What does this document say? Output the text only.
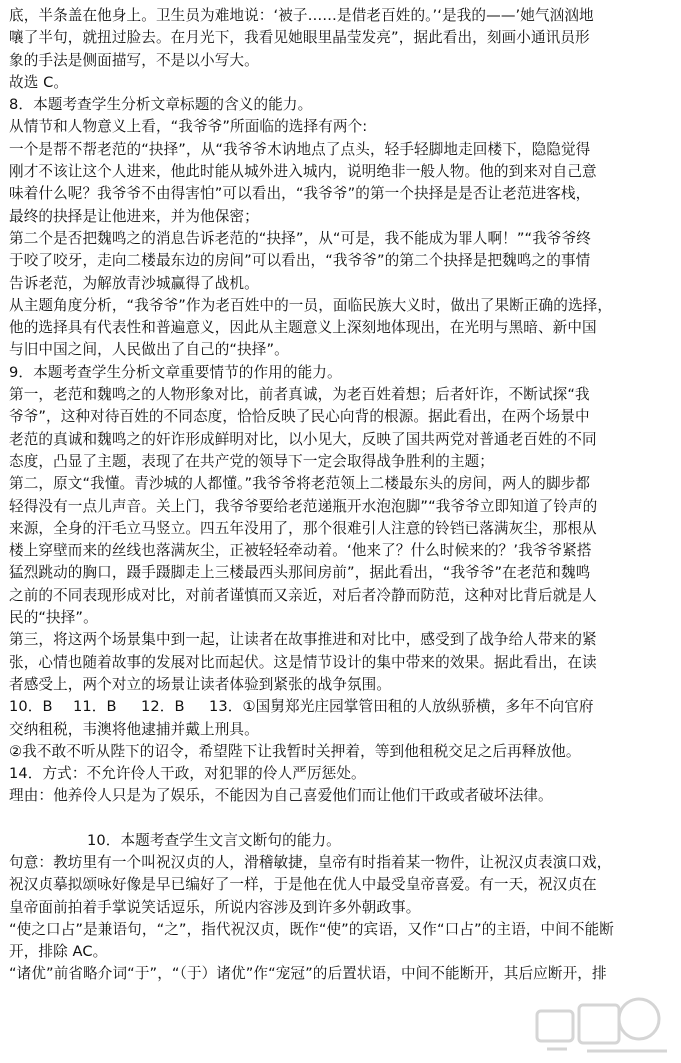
底，半条盖在他身上。卫生员为难地说：‘被子……是借老百姓的。’‘是我的——’她气汹汹地
嚷了半句，就扭过脸去。在月光下，我看见她眼里晶莹发亮”，据此看出，刻画小通讯员形
象的手法是侧面描写，不是以小写大。
故选 C。
8．本题考查学生分析文章标题的含义的能力。
从情节和人物意义上看，“我爷爷”所面临的选择有两个:
一个是帮不帮老范的“抉择”，从“我爷爷木讷地点了点头，轻手轻脚地走回楼下，隐隐觉得
刚才不该让这个人进来，他此时能从城外进入城内，说明绝非一般人物。他的到来对自己意
味着什么呢？我爷爷不由得害怕”可以看出，“我爷爷”的第一个抉择是是否让老范进客栈，
最终的抉择是让他进来，并为他保密；
第二个是否把魏鸣之的消息告诉老范的“抉择”，从“可是，我不能成为罪人啊！”“我爷爷终
于咬了咬牙，走向二楼最东边的房间”可以看出，“我爷爷”的第二个抉择是把魏鸣之的事情
告诉老范，为解放青沙城赢得了战机。
从主题角度分析，“我爷爷”作为老百姓中的一员，面临民族大义时，做出了果断正确的选择，
他的选择具有代表性和普遍意义，因此从主题意义上深刻地体现出，在光明与黑暗、新中国
与旧中国之间，人民做出了自己的“抉择”。
9．本题考查学生分析文章重要情节的作用的能力。
第一，老范和魏鸣之的人物形象对比，前者真诚，为老百姓着想；后者奸诈，不断试探“我
爷爷”，这种对待百姓的不同态度，恰恰反映了民心向背的根源。据此看出，在两个场景中
老范的真诚和魏鸣之的奸诈形成鲜明对比，以小见大，反映了国共两党对普通老百姓的不同
态度，凸显了主题，表现了在共产党的领导下一定会取得战争胜利的主题；
第二，原文“我懂。青沙城的人都懂。”我爷爷将老范领上二楼最东头的房间，两人的脚步都
轻得没有一点儿声音。关上门，我爷爷要给老范递瓶开水泡泡脚”“我爷爷立即知道了铃声的
来源，全身的汗毛立马竖立。四五年没用了，那个很难引人注意的铃铛已落满灰尘，那根从
楼上穿壁而来的丝线也落满灰尘，正被轻轻牵动着。‘他来了？什么时候来的？’我爷爷紧搭
猛烈跳动的胸口，蹑手蹑脚走上三楼最西头那间房前”，据此看出，“我爷爷”在老范和魏鸣
之前的不同表现形成对比，对前者谨慎而又亲近，对后者冷静而防范，这种对比背后就是人
民的“抉择”。
第三，将这两个场景集中到一起，让读者在故事推进和对比中，感受到了战争给人带来的紧
张，心情也随着故事的发展对比而起伏。这是情节设计的集中带来的效果。据此看出，在读
者感受上，两个对立的场景让读者体验到紧张的战争氛围。
10．B 11．B 12．B 13．①国舅郑光庄园掌管田租的人放纵骄横，多年不向官府
交纳租税，韦澳将他逮捕并戴上刑具。
②我不敢不听从陛下的诏令，希望陛下让我暂时关押着，等到他租税交足之后再释放他。
14．方式：不允许伶人干政，对犯罪的伶人严厉惩处。
理由：他养伶人只是为了娱乐，不能因为自己喜爱他们而让他们干政或者破坏法律。
10．本题考查学生文言文断句的能力。
句意：教坊里有一个叫祝汉贞的人，滑稽敏捷，皇帝有时指着某一物件，让祝汉贞表演口戏，
祝汉贞摹拟颂咏好像是早已编好了一样，于是他在优人中最受皇帝喜爱。有一天，祝汉贞在
皇帝面前拍着手掌说笑话逗乐，所说内容涉及到许多外朝政事。
“使之口占”是兼语句，“之”，指代祝汉贞，既作“使”的宾语，又作“口占”的主语，中间不能断
开，排除 AC。
“诸优”前省略介词“于”，“（于）诸优”作“宠冠”的后置状语，中间不能断开，其后应断开，排
